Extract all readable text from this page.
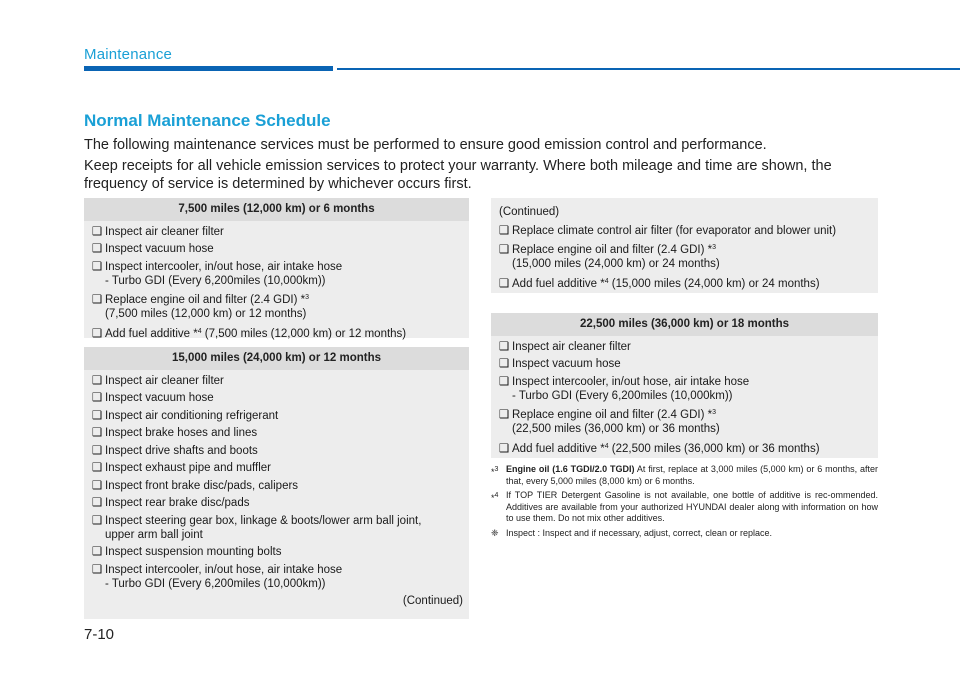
Maintenance
Normal Maintenance Schedule
The following maintenance services must be performed to ensure good emission control and performance.
Keep receipts for all vehicle emission services to protect your warranty. Where both mileage and time are shown, the frequency of service is determined by whichever occurs first.
7,500 miles (12,000 km) or 6 months
❑ Inspect air cleaner filter
❑ Inspect vacuum hose
❑ Inspect intercooler, in/out hose, air intake hose
- Turbo GDI (Every 6,200miles (10,000km))
❑ Replace engine oil and filter (2.4 GDI) *$^3$
(7,500 miles (12,000 km) or 12 months)
❑ Add fuel additive *$^4$ (7,500 miles (12,000 km) or 12 months)
15,000 miles (24,000 km) or 12 months
❑ Inspect air cleaner filter
❑ Inspect vacuum hose
❑ Inspect air conditioning refrigerant
❑ Inspect brake hoses and lines
❑ Inspect drive shafts and boots
❑ Inspect exhaust pipe and muffler
❑ Inspect front brake disc/pads, calipers
❑ Inspect rear brake disc/pads
❑ Inspect steering gear box, linkage & boots/lower arm ball joint,
upper arm ball joint
❑ Inspect suspension mounting bolts
❑ Inspect intercooler, in/out hose, air intake hose
- Turbo GDI (Every 6,200miles (10,000km))
(Continued)
(Continued)
❑ Replace climate control air filter (for evaporator and blower unit)
❑ Replace engine oil and filter (2.4 GDI) *$^3$
(15,000 miles (24,000 km) or 24 months)
❑ Add fuel additive *$^4$ (15,000 miles (24,000 km) or 24 months)
22,500 miles (36,000 km) or 18 months
❑ Inspect air cleaner filter
❑ Inspect vacuum hose
❑ Inspect intercooler, in/out hose, air intake hose
- Turbo GDI (Every 6,200miles (10,000km))
❑ Replace engine oil and filter (2.4 GDI) *$^3$
(22,500 miles (36,000 km) or 36 months)
❑ Add fuel additive *$^4$ (22,500 miles (36,000 km) or 36 months)
*$^3$ Engine oil (1.6 TGDI/2.0 TGDI) At first, replace at 3,000 miles (5,000 km) or 6 months, after that, every 5,000 miles (8,000 km) or 6 months.
*$^4$ If TOP TIER Detergent Gasoline is not available, one bottle of additive is rec-ommended. Additives are available from your authorized HYUNDAI dealer along with information on how to use them. Do not mix other additives.
❈ Inspect : Inspect and if necessary, adjust, correct, clean or replace.
7-10
